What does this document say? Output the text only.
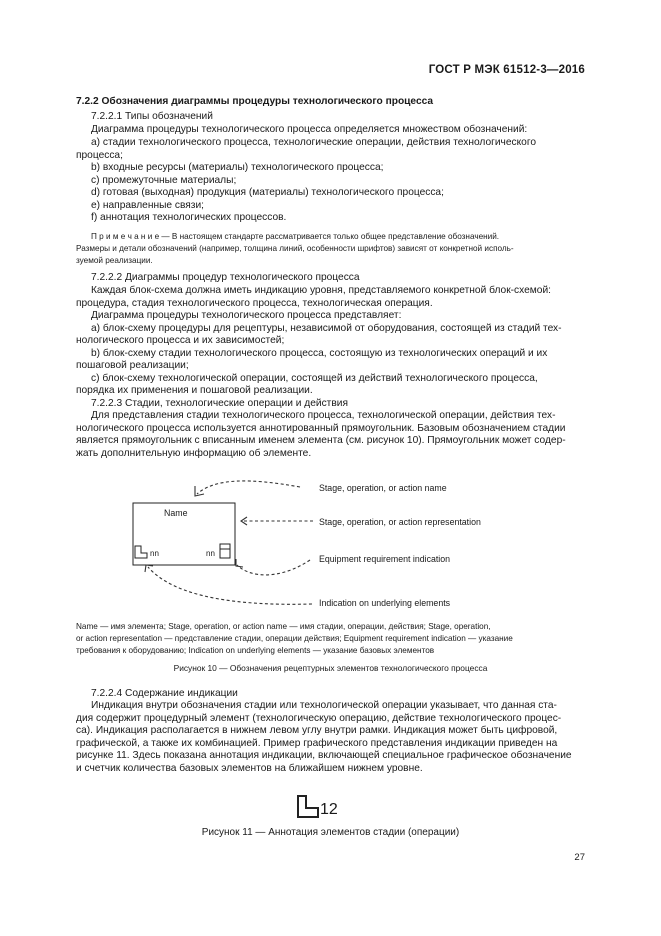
ГОСТ Р МЭК 61512-3—2016
7.2.2 Обозначения диаграммы процедуры технологического процесса
7.2.2.1 Типы обозначений
Диаграмма процедуры технологического процесса определяется множеством обозначений:
а) стадии технологического процесса, технологические операции, действия технологического
процесса;
b) входные ресурсы (материалы) технологического процесса;
c) промежуточные материалы;
d) готовая (выходная) продукция (материалы) технологического процесса;
е) направленные связи;
f) аннотация технологических процессов.
П р и м е ч а н и е — В настоящем стандарте рассматривается только общее представление обозначений.
Размеры и детали обозначений (например, толщина линий, особенности шрифтов) зависят от конкретной исполь-
зуемой реализации.
7.2.2.2 Диаграммы процедур технологического процесса
Каждая блок-схема должна иметь индикацию уровня, представляемого конкретной блок-схемой:
процедура, стадия технологического процесса, технологическая операция.
Диаграмма процедуры технологического процесса представляет:
а) блок-схему процедуры для рецептуры, независимой от оборудования, состоящей из стадий тех-
нологического процесса и их зависимостей;
b) блок-схему стадии технологического процесса, состоящую из технологических операций и их
пошаговой реализации;
c) блок-схему технологической операции, состоящей из действий технологического процесса,
порядка их применения и пошаговой реализации.
7.2.2.3 Стадии, технологические операции и действия
Для представления стадии технологического процесса, технологической операции, действия тех-
нологического процесса используется аннотированный прямоугольник. Базовым обозначением стадии
является прямоугольник с вписанным именем элемента (см. рисунок 10). Прямоугольник может содер-
жать дополнительную информацию об элементе.
Name
nn	nn
Stage, operation, or action name
Stage, operation, or action representation
Equipment requirement indication
Indication on underlying elements
Name — имя элемента; Stage, operation, or action name — имя стадии, операции, действия; Stage, operation,
or action representation — представление стадии, операции действия; Equipment requirement indication — указание
требования к оборудованию; Indication on underlying elements — указание базовых элементов
Рисунок 10 — Обозначения рецептурных элементов технологического процесса
7.2.2.4 Содержание индикации
Индикация внутри обозначения стадии или технологической операции указывает, что данная ста-
дия содержит процедурный элемент (технологическую операцию, действие технологического процес-
са). Индикация располагается в нижнем левом углу внутри рамки. Индикация может быть цифровой,
графической, а также их комбинацией. Пример графического представления индикации приведен на
рисунке 11. Здесь показана аннотация индикации, включающей специальное графическое обозначение
и счетчик количества базовых элементов на ближайшем нижнем уровне.
12
Рисунок 11 — Аннотация элементов стадии (операции)
27
